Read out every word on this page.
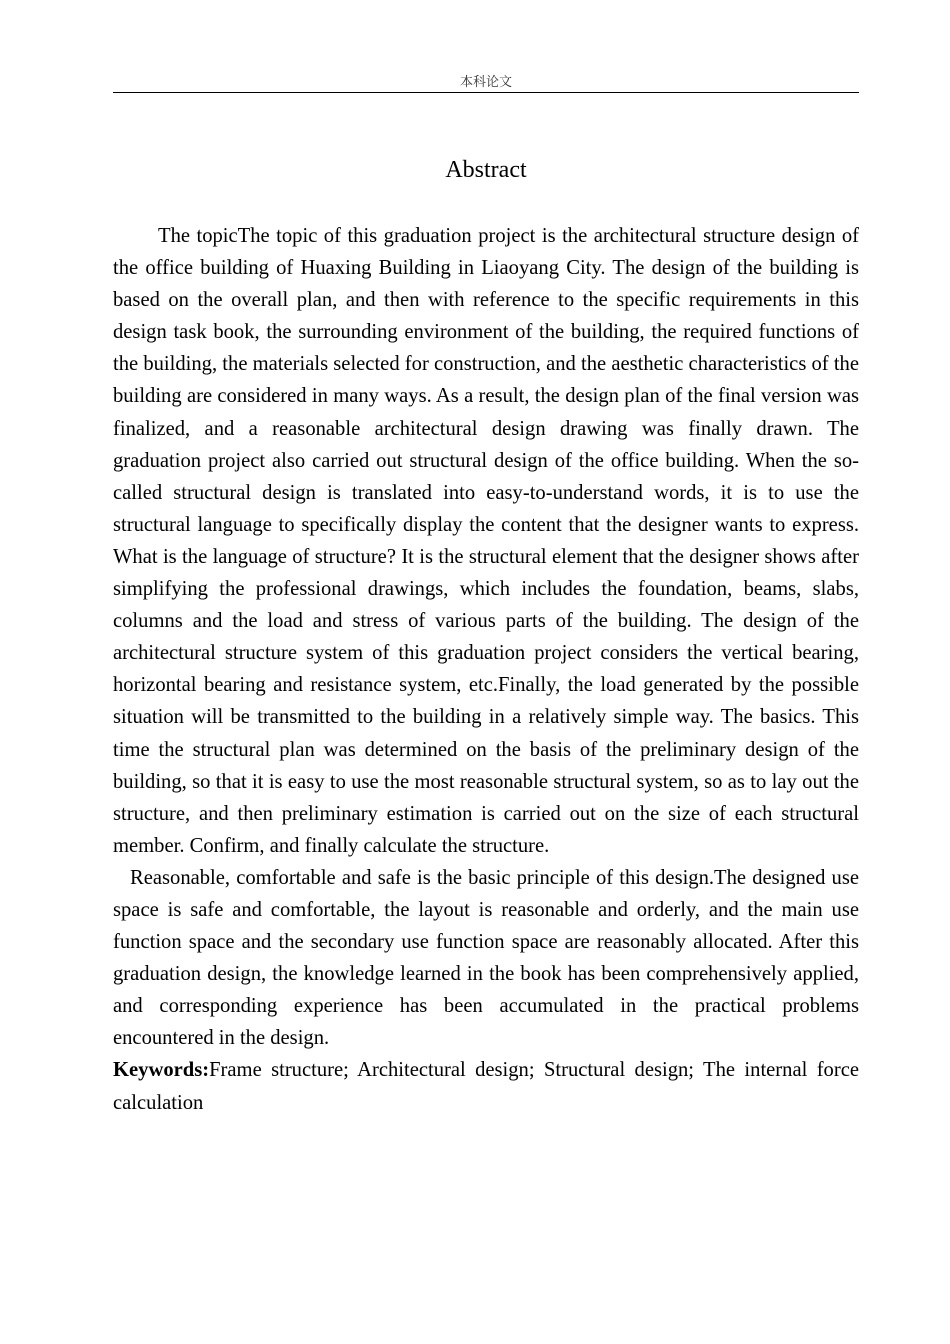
本科论文
Abstract

The topicThe topic of this graduation project is the architectural structure design of the office building of Huaxing Building in Liaoyang City. The design of the building is based on the overall plan, and then with reference to the specific requirements in this design task book, the surrounding environment of the building, the required functions of the building, the materials selected for construction, and the aesthetic characteristics of the building are considered in many ways. As a result, the design plan of the final version was finalized, and a reasonable architectural design drawing was finally drawn. The graduation project also carried out structural design of the office building. When the so-called structural design is translated into easy-to-understand words, it is to use the structural language to specifically display the content that the designer wants to express. What is the language of structure? It is the structural element that the designer shows after simplifying the professional drawings, which includes the foundation, beams, slabs, columns and the load and stress of various parts of the building. The design of the architectural structure system of this graduation project considers the vertical bearing, horizontal bearing and resistance system, etc.Finally, the load generated by the possible situation will be transmitted to the building in a relatively simple way. The basics. This time the structural plan was determined on the basis of the preliminary design of the building, so that it is easy to use the most reasonable structural system, so as to lay out the structure, and then preliminary estimation is carried out on the size of each structural member. Confirm, and finally calculate the structure.

Reasonable, comfortable and safe is the basic principle of this design.The designed use space is safe and comfortable, the layout is reasonable and orderly, and the main use function space and the secondary use function space are reasonably allocated. After this graduation design, the knowledge learned in the book has been comprehensively applied, and corresponding experience has been accumulated in the practical problems encountered in the design.

Keywords:Frame structure; Architectural design; Structural design; The internal force calculation
